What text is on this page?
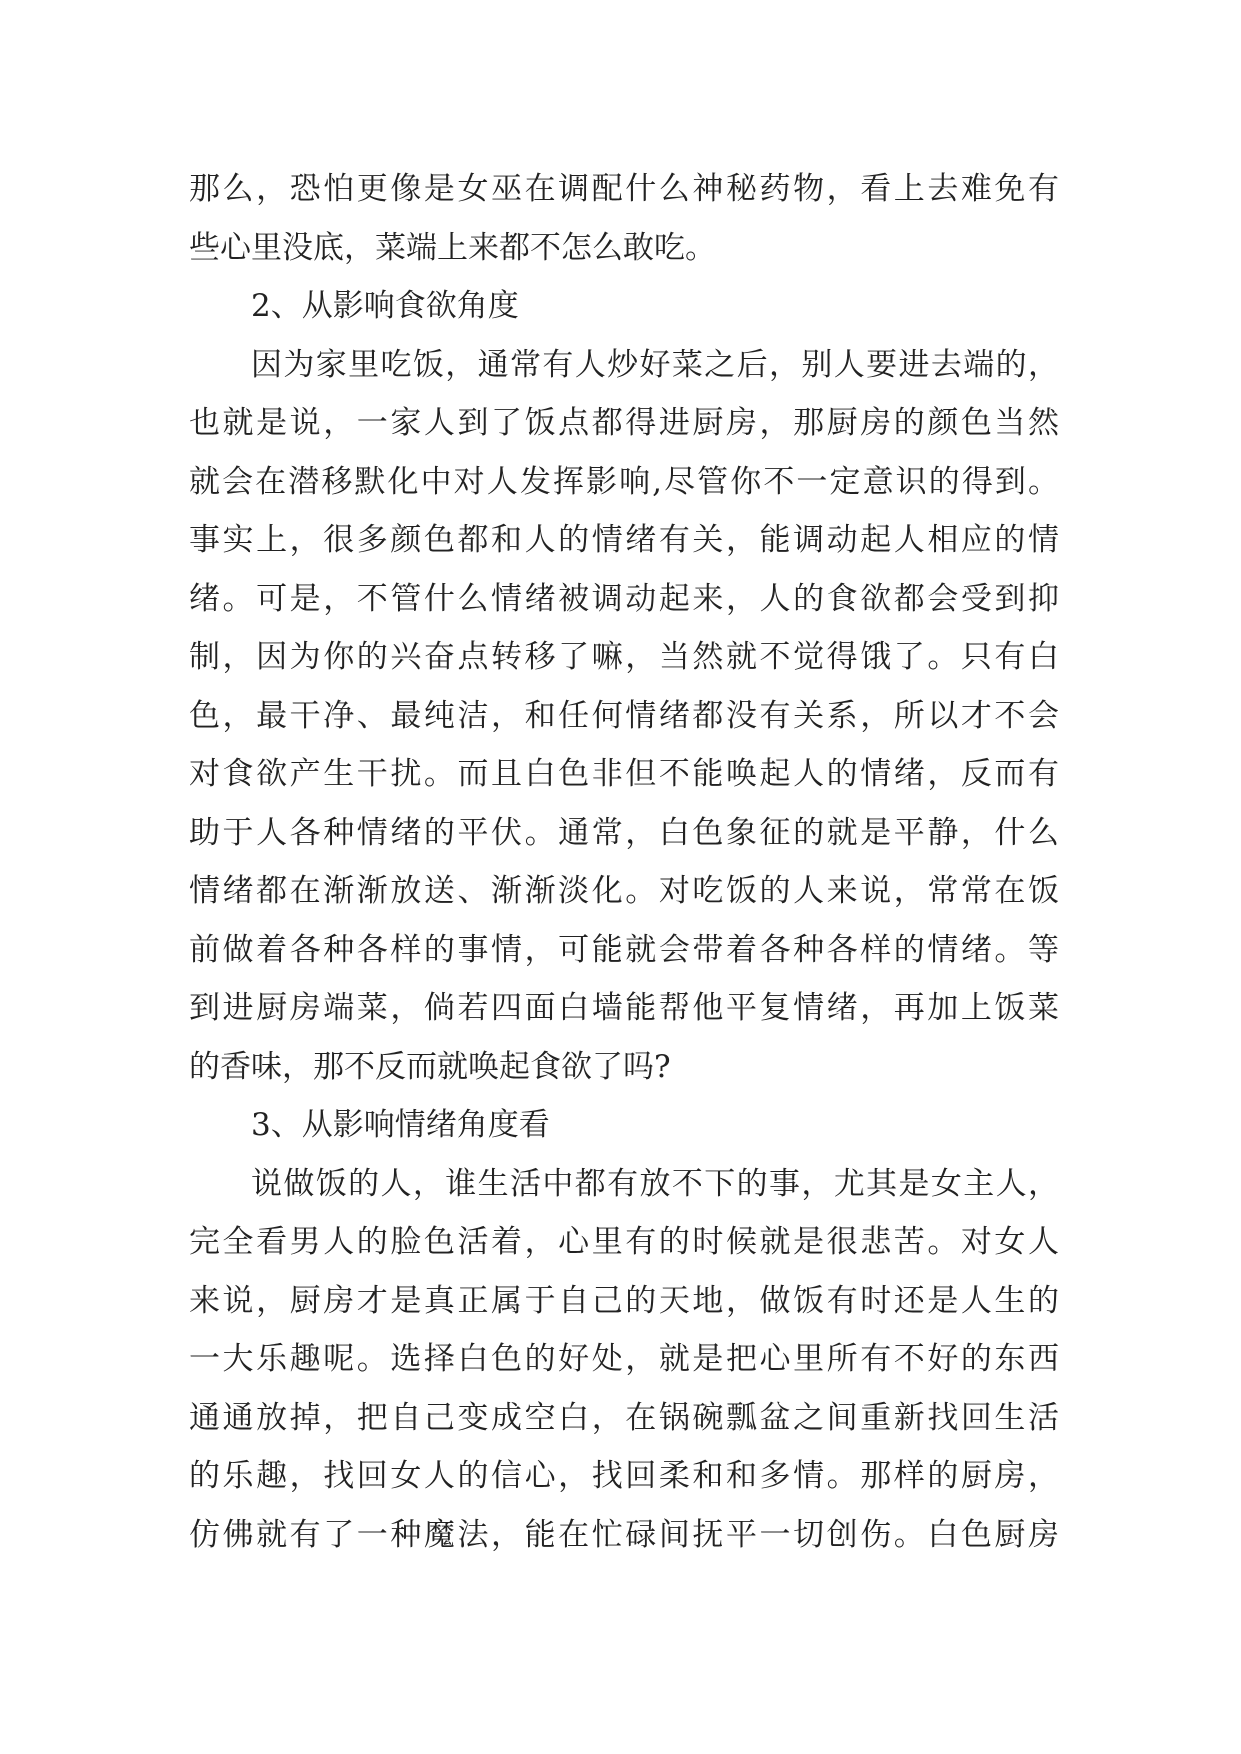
那么，恐怕更像是女巫在调配什么神秘药物，看上去难免有
些心里没底，菜端上来都不怎么敢吃。
2、从影响食欲角度
因为家里吃饭，通常有人炒好菜之后，别人要进去端的，
也就是说，一家人到了饭点都得进厨房，那厨房的颜色当然
就会在潜移默化中对人发挥影响,尽管你不一定意识的得到。
事实上，很多颜色都和人的情绪有关，能调动起人相应的情
绪。可是，不管什么情绪被调动起来，人的食欲都会受到抑
制，因为你的兴奋点转移了嘛，当然就不觉得饿了。只有白
色，最干净、最纯洁，和任何情绪都没有关系，所以才不会
对食欲产生干扰。而且白色非但不能唤起人的情绪，反而有
助于人各种情绪的平伏。通常，白色象征的就是平静，什么
情绪都在渐渐放送、渐渐淡化。对吃饭的人来说，常常在饭
前做着各种各样的事情，可能就会带着各种各样的情绪。等
到进厨房端菜，倘若四面白墙能帮他平复情绪，再加上饭菜
的香味，那不反而就唤起食欲了吗?
3、从影响情绪角度看
说做饭的人，谁生活中都有放不下的事，尤其是女主人，
完全看男人的脸色活着，心里有的时候就是很悲苦。对女人
来说，厨房才是真正属于自己的天地，做饭有时还是人生的
一大乐趣呢。选择白色的好处，就是把心里所有不好的东西
通通放掉，把自己变成空白，在锅碗瓢盆之间重新找回生活
的乐趣，找回女人的信心，找回柔和和多情。那样的厨房，
仿佛就有了一种魔法，能在忙碌间抚平一切创伤。白色厨房
